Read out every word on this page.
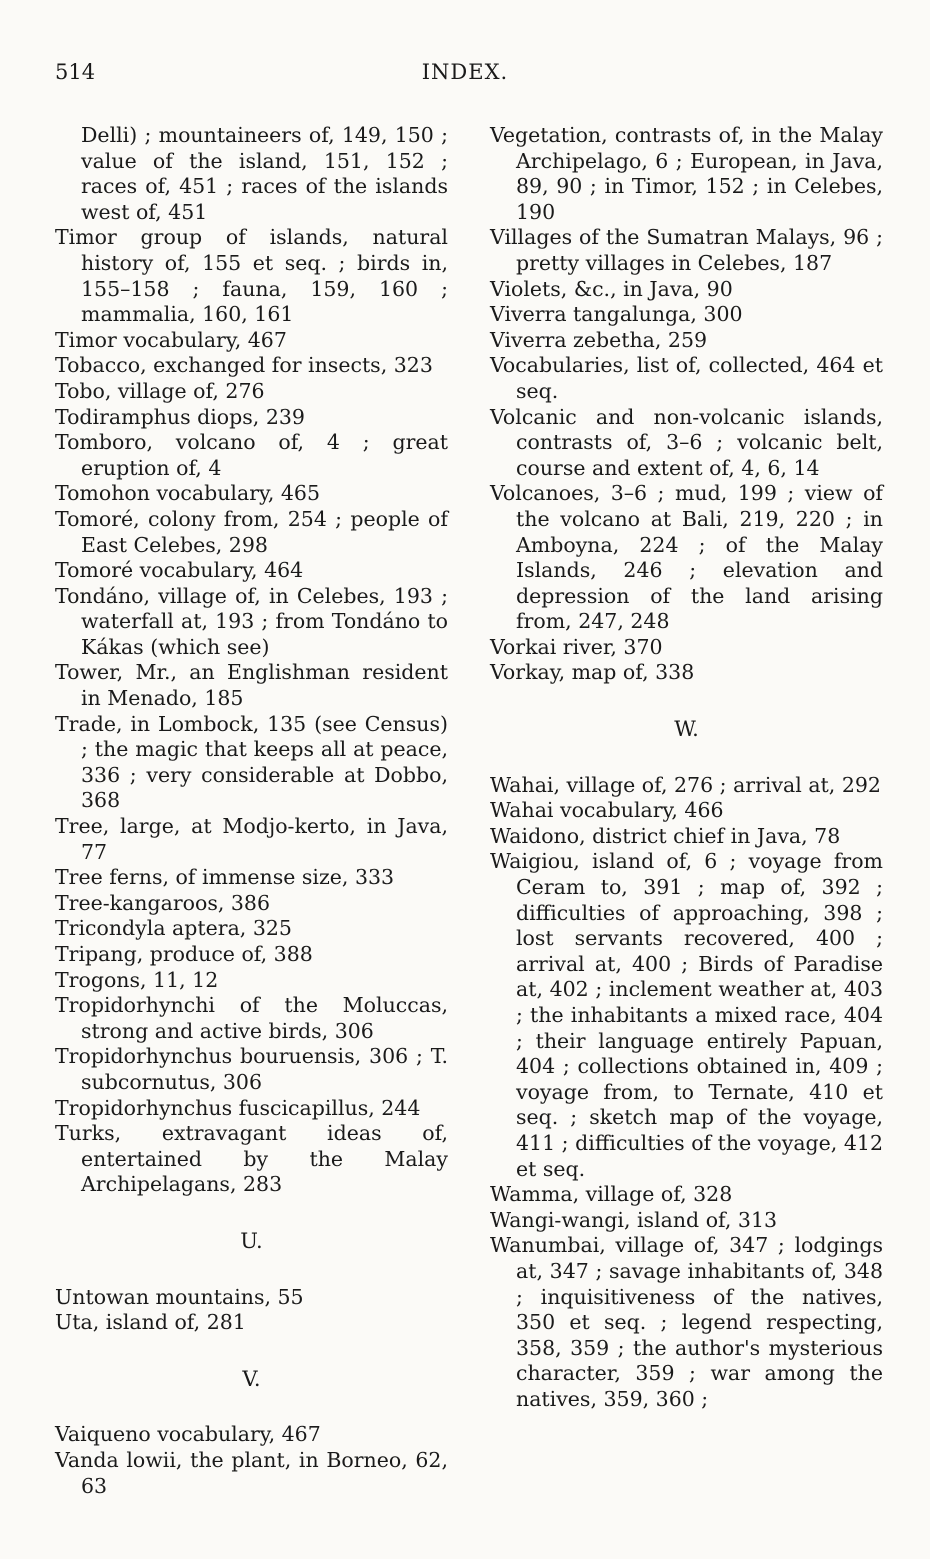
514	INDEX.
Delli) ; mountaineers of, 149, 150 ; value of the island, 151, 152 ; races of, 451 ; races of the islands west of, 451
Timor group of islands, natural history of, 155 et seq. ; birds in, 155–158 ; fauna, 159, 160 ; mammalia, 160, 161
Timor vocabulary, 467
Tobacco, exchanged for insects, 323
Tobo, village of, 276
Todiramphus diops, 239
Tomboro, volcano of, 4 ; great eruption of, 4
Tomohon vocabulary, 465
Tomoré, colony from, 254 ; people of East Celebes, 298
Tomoré vocabulary, 464
Tondáno, village of, in Celebes, 193 ; waterfall at, 193 ; from Tondáno to Kákas (which see)
Tower, Mr., an Englishman resident in Menado, 185
Trade, in Lombock, 135 (see Census) ; the magic that keeps all at peace, 336 ; very considerable at Dobbo, 368
Tree, large, at Modjo-kerto, in Java, 77
Tree ferns, of immense size, 333
Tree-kangaroos, 386
Tricondyla aptera, 325
Tripang, produce of, 388
Trogons, 11, 12
Tropidorhynchi of the Moluccas, strong and active birds, 306
Tropidorhynchus bouruensis, 306 ; T. subcornutus, 306
Tropidorhynchus fuscicapillus, 244
Turks, extravagant ideas of, entertained by the Malay Archipelagans, 283
U.
Untowan mountains, 55
Uta, island of, 281
V.
Vaiqueno vocabulary, 467
Vanda lowii, the plant, in Borneo, 62, 63
Vegetation, contrasts of, in the Malay Archipelago, 6 ; European, in Java, 89, 90 ; in Timor, 152 ; in Celebes, 190
Villages of the Sumatran Malays, 96 ; pretty villages in Celebes, 187
Violets, &c., in Java, 90
Viverra tangalunga, 300
Viverra zebetha, 259
Vocabularies, list of, collected, 464 et seq.
Volcanic and non-volcanic islands, contrasts of, 3–6 ; volcanic belt, course and extent of, 4, 6, 14
Volcanoes, 3–6 ; mud, 199 ; view of the volcano at Bali, 219, 220 ; in Amboyna, 224 ; of the Malay Islands, 246 ; elevation and depression of the land arising from, 247, 248
Vorkai river, 370
Vorkay, map of, 338
W.
Wahai, village of, 276 ; arrival at, 292
Wahai vocabulary, 466
Waidono, district chief in Java, 78
Waigiou, island of, 6 ; voyage from Ceram to, 391 ; map of, 392 ; difficulties of approaching, 398 ; lost servants recovered, 400 ; arrival at, 400 ; Birds of Paradise at, 402 ; inclement weather at, 403 ; the inhabitants a mixed race, 404 ; their language entirely Papuan, 404 ; collections obtained in, 409 ; voyage from, to Ternate, 410 et seq. ; sketch map of the voyage, 411 ; difficulties of the voyage, 412 et seq.
Wamma, village of, 328
Wangi-wangi, island of, 313
Wanumbai, village of, 347 ; lodgings at, 347 ; savage inhabitants of, 348 ; inquisitiveness of the natives, 350 et seq. ; legend respecting, 358, 359 ; the author's mysterious character, 359 ; war among the natives, 359, 360 ;
